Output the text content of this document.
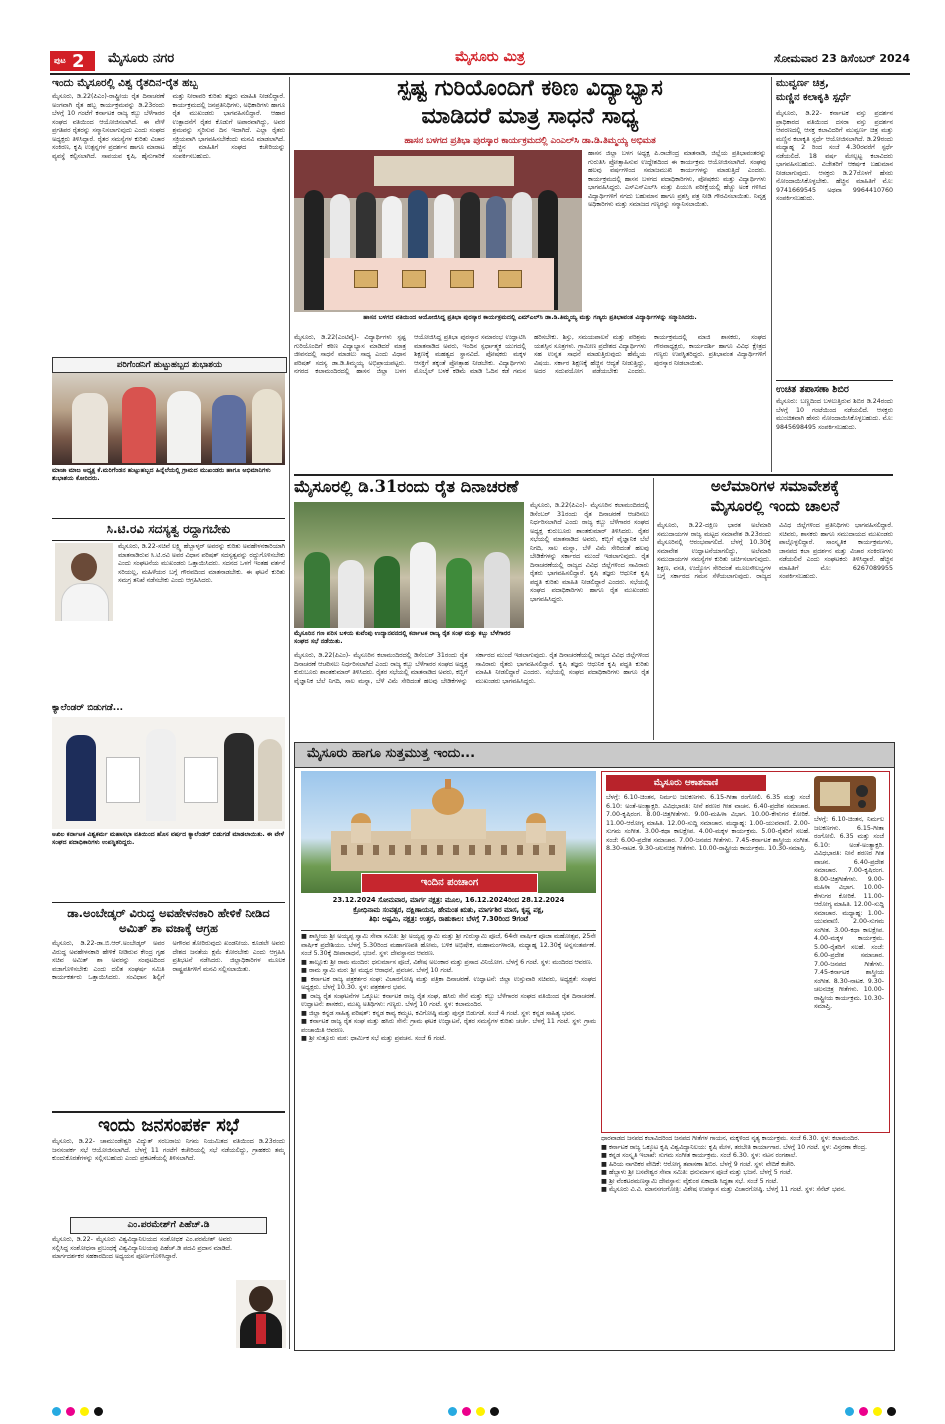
ಪುಟ 2 ಮೈಸೂರು ನಗರ	ಮೈಸೂರು ಮಿತ್ರ	ಸೋಮವಾರ 23 ಡಿಸೆಂಬರ್ 2024
ಇಂದು ಮೈಸೂರಲ್ಲಿ ವಿಶ್ವ ರೈತದಿನ-ರೈತ ಹಬ್ಬ
ಮೈಸೂರು, ಡಿ.22(ಪಿಎಂ)-ರಾಷ್ಟ್ರೀಯ ರೈತ ದಿನಾಚರಣೆ ಅಂಗವಾಗಿ ರೈತ ಹಬ್ಬ ಕಾರ್ಯಕ್ರಮವನ್ನು ಡಿ.23ರಂದು ಬೆಳಗ್ಗೆ 10 ಗಂಟೆಗೆ ಕರ್ನಾಟಕ ರಾಜ್ಯ ಕಬ್ಬು ಬೆಳೆಗಾರರ ಸಂಘದ ವತಿಯಿಂದ ಆಯೋಜಿಸಲಾಗಿದೆ. ಈ ವೇಳೆ ಪ್ರಗತಿಪರ ರೈತರನ್ನು ಸನ್ಮಾನಿಸಲಾಗುವುದು ಎಂದು ಸಂಘದ ಅಧ್ಯಕ್ಷರು ತಿಳಿಸಿದ್ದಾರೆ. ರೈತರ ಸಮಸ್ಯೆಗಳ ಕುರಿತು ವಿಚಾರ ಸಂಕಿರಣ, ಕೃಷಿ ಉತ್ಪನ್ನಗಳ ಪ್ರದರ್ಶನ ಹಾಗೂ ಮಾರಾಟ ವ್ಯವಸ್ಥೆ ಕಲ್ಪಿಸಲಾಗಿದೆ. ಸಾವಯವ ಕೃಷಿ, ಹೈನುಗಾರಿಕೆ ಮತ್ತು ನೀರಾವರಿ ಕುರಿತು ತಜ್ಞರು ಮಾಹಿತಿ ನೀಡಲಿದ್ದಾರೆ. ಕಾರ್ಯಕ್ರಮದಲ್ಲಿ ಜನಪ್ರತಿನಿಧಿಗಳು, ಅಧಿಕಾರಿಗಳು ಹಾಗೂ ರೈತ ಮುಖಂಡರು ಭಾಗವಹಿಸಲಿದ್ದಾರೆ. ಆಹಾರ ಉತ್ಪಾದನೆಗೆ ರೈತರ ಕೊಡುಗೆ ಅಪಾರವಾಗಿದ್ದು, ಅವರ ಶ್ರಮವನ್ನು ಸ್ಮರಿಸುವ ದಿನ ಇದಾಗಿದೆ. ಎಲ್ಲಾ ರೈತರು ಸಕ್ರಿಯವಾಗಿ ಭಾಗವಹಿಸಬೇಕೆಂದು ಮನವಿ ಮಾಡಲಾಗಿದೆ. ಹೆಚ್ಚಿನ ಮಾಹಿತಿಗೆ ಸಂಘದ ಕಚೇರಿಯನ್ನು ಸಂಪರ್ಕಿಸಬಹುದು.
ಪರಿಗೆಂಡನಿಗೆ ಹುಟ್ಟುಹಬ್ಬದ ಶುಭಾಶಯ
ಮಾಜಾ ಮಾಜ ಅಧ್ಯಕ್ಷ ಕೆ.ಮರಿಗೆಂಡನ ಹುಟ್ಟುಹಬ್ಬದ ಹಿನ್ನೆಲೆಯಲ್ಲಿ ಗ್ರಾಮದ ಮುಖಂಡರು ಹಾಗೂ ಅಭಿಮಾನಿಗಳು ಶುಭಾಶಯ ಕೋರಿದರು.
ಸಿ.ಟಿ.ರವಿ ಸದಸ್ಯತ್ವ ರದ್ದಾಗಬೇಕು
ಮೈಸೂರು, ಡಿ.22-ಸಚಿವೆ ಲಕ್ಷ್ಮಿ ಹೆಬ್ಬಾಳ್ಕರ್ ಅವರನ್ನು ಕುರಿತು ಅವಹೇಳನಕಾರಿಯಾಗಿ ಮಾತನಾಡಿರುವ ಸಿ.ಟಿ.ರವಿ ಅವರ ವಿಧಾನ ಪರಿಷತ್ ಸದಸ್ಯತ್ವವನ್ನು ರದ್ದುಗೊಳಿಸಬೇಕು ಎಂದು ಸಂಘಟನೆಯ ಮುಖಂಡರು ಒತ್ತಾಯಿಸಿದರು. ಸದನದ ಒಳಗೆ ಇಂತಹ ವರ್ತನೆ ಸರಿಯಲ್ಲ, ಮಹಿಳೆಯರ ಬಗ್ಗೆ ಗೌರವದಿಂದ ಮಾತನಾಡಬೇಕು. ಈ ಘಟನೆ ಕುರಿತು ಸಮಗ್ರ ತನಿಖೆ ನಡೆಸಬೇಕು ಎಂದು ಆಗ್ರಹಿಸಿದರು.
ಕ್ಯಾಲೆಂಡರ್ ಬಿಡುಗಡೆ...
ಅಖಿಲ ಕರ್ನಾಟಕ ವಿಶ್ವಕರ್ಮ ಮಹಾಸಭಾ ವತಿಯಿಂದ ಹೊಸ ವರ್ಷದ ಕ್ಯಾಲೆಂಡರ್ ಬಿಡುಗಡೆ ಮಾಡಲಾಯಿತು. ಈ ವೇಳೆ ಸಂಘದ ಪದಾಧಿಕಾರಿಗಳು ಉಪಸ್ಥಿತರಿದ್ದರು.
ಡಾ.ಅಂಬೇಡ್ಕರ್ ವಿರುದ್ಧ ಅವಹೇಳನಕಾರಿ ಹೇಳಿಕೆ ನೀಡಿದ ಅಮಿತ್ ಶಾ ವಜಾಕ್ಕೆ ಆಗ್ರಹ
ಮೈಸೂರು, ಡಿ.22-ಡಾ.ಬಿ.ಆರ್.ಅಂಬೇಡ್ಕರ್ ಅವರ ವಿರುದ್ಧ ಅವಹೇಳನಕಾರಿ ಹೇಳಿಕೆ ನೀಡಿರುವ ಕೇಂದ್ರ ಗೃಹ ಸಚಿವ ಅಮಿತ್ ಶಾ ಅವರನ್ನು ಸಂಪುಟದಿಂದ ವಜಾಗೊಳಿಸಬೇಕು ಎಂದು ದಲಿತ ಸಂಘರ್ಷ ಸಮಿತಿ ಕಾರ್ಯಕರ್ತರು ಒತ್ತಾಯಿಸಿದರು. ಸಂವಿಧಾನ ಶಿಲ್ಪಿಗೆ ಅಗೌರವ ತೋರಿರುವುದು ಖಂಡನೀಯ. ಕೂಡಲೇ ಅವರು ದೇಶದ ಜನತೆಯ ಕ್ಷಮೆ ಕೋರಬೇಕು ಎಂದು ಆಗ್ರಹಿಸಿ ಪ್ರತಿಭಟನೆ ನಡೆಸಿದರು. ಜಿಲ್ಲಾಧಿಕಾರಿಗಳ ಮೂಲಕ ರಾಷ್ಟ್ರಪತಿಗಳಿಗೆ ಮನವಿ ಸಲ್ಲಿಸಲಾಯಿತು.
ಇಂದು ಜನಸಂಪರ್ಕ ಸಭೆ
ಮೈಸೂರು, ಡಿ.22- ಚಾಮುಂಡೇಶ್ವರಿ ವಿದ್ಯುತ್ ಸರಬರಾಜು ನಿಗಮ ನಿಯಮಿತದ ವತಿಯಿಂದ ಡಿ.23ರಂದು ಜನಸಂಪರ್ಕ ಸಭೆ ಆಯೋಜಿಸಲಾಗಿದೆ. ಬೆಳಗ್ಗೆ 11 ಗಂಟೆಗೆ ಕಚೇರಿಯಲ್ಲಿ ಸಭೆ ನಡೆಯಲಿದ್ದು, ಗ್ರಾಹಕರು ತಮ್ಮ ಕುಂದುಕೊರತೆಗಳನ್ನು ಸಲ್ಲಿಸಬಹುದು ಎಂದು ಪ್ರಕಟಣೆಯಲ್ಲಿ ತಿಳಿಸಲಾಗಿದೆ.
ಎಂ.ಪರಮೇಶ್‌ಗೆ ಪಿಹೆಚ್.ಡಿ
ಮೈಸೂರು, ಡಿ.22- ಮೈಸೂರು ವಿಶ್ವವಿದ್ಯಾನಿಲಯದ ಸಂಶೋಧಕ ಎಂ.ಪರಮೇಶ್ ಅವರು ಸಲ್ಲಿಸಿದ್ದ ಸಂಶೋಧನಾ ಪ್ರಬಂಧಕ್ಕೆ ವಿಶ್ವವಿದ್ಯಾನಿಲಯವು ಪಿಹೆಚ್.ಡಿ ಪದವಿ ಪ್ರದಾನ ಮಾಡಿದೆ. ಮಾರ್ಗದರ್ಶಕರ ಸಹಕಾರದಿಂದ ಅಧ್ಯಯನ ಪೂರ್ಣಗೊಳಿಸಿದ್ದಾರೆ.
ಸ್ಪಷ್ಟ ಗುರಿಯೊಂದಿಗೆ ಕಠಿಣ ವಿದ್ಯಾಭ್ಯಾಸ
ಮಾಡಿದರೆ ಮಾತ್ರ ಸಾಧನೆ ಸಾಧ್ಯ
ಹಾಸನ ಬಳಗದ ಪ್ರತಿಭಾ ಪುರಸ್ಕಾರ ಕಾರ್ಯಕ್ರಮದಲ್ಲಿ ಎಂಎಲ್‌ಸಿ ಡಾ.ಡಿ.ತಿಮ್ಮಯ್ಯ ಅಭಿಮತ
ಹಾಸನ ಜಿಲ್ಲಾ ಬಳಗ ಅಧ್ಯಕ್ಷ ಪಿ.ರಾಜೇಂದ್ರ ಮಾತನಾಡಿ, ಜಿಲ್ಲೆಯ ಪ್ರತಿಭಾವಂತರನ್ನು ಗುರುತಿಸಿ ಪ್ರೋತ್ಸಾಹಿಸುವ ಉದ್ದೇಶದಿಂದ ಈ ಕಾರ್ಯಕ್ರಮ ಆಯೋಜಿಸಲಾಗಿದೆ. ಸಂಘವು ಹಲವು ವರ್ಷಗಳಿಂದ ಸಮಾಜಮುಖಿ ಕಾರ್ಯಗಳನ್ನು ಮಾಡುತ್ತಿದೆ ಎಂದರು. ಕಾರ್ಯಕ್ರಮದಲ್ಲಿ ಹಾಸನ ಬಳಗದ ಪದಾಧಿಕಾರಿಗಳು, ಪೋಷಕರು ಮತ್ತು ವಿದ್ಯಾರ್ಥಿಗಳು ಭಾಗವಹಿಸಿದ್ದರು. ಎಸ್‌ಎಸ್‌ಎಲ್‌ಸಿ ಮತ್ತು ಪಿಯುಸಿ ಪರೀಕ್ಷೆಯಲ್ಲಿ ಹೆಚ್ಚು ಅಂಕ ಗಳಿಸಿದ ವಿದ್ಯಾರ್ಥಿಗಳಿಗೆ ನಗದು ಬಹುಮಾನ ಹಾಗೂ ಪ್ರಶಸ್ತಿ ಪತ್ರ ನೀಡಿ ಗೌರವಿಸಲಾಯಿತು. ನಿವೃತ್ತ ಅಧಿಕಾರಿಗಳು ಮತ್ತು ಸಮಾಜದ ಗಣ್ಯರನ್ನು ಸನ್ಮಾನಿಸಲಾಯಿತು.
ಹಾಸನ ಬಳಗದ ವತಿಯಿಂದ ಆಯೋಜಿಸಿದ್ದ ಪ್ರತಿಭಾ ಪುರಸ್ಕಾರ ಕಾರ್ಯಕ್ರಮದಲ್ಲಿ ಎಮ್‌ಎಲ್‌ಸಿ ಡಾ.ಡಿ.ತಿಮ್ಮಯ್ಯ ಮತ್ತು ಗಣ್ಯರು ಪ್ರತಿಭಾವಂತ ವಿದ್ಯಾರ್ಥಿಗಳನ್ನು ಸನ್ಮಾನಿಸಿದರು.
ಮೈಸೂರು, ಡಿ.22(ಎಂಟಿವೈ)- ವಿದ್ಯಾರ್ಥಿಗಳು ಸ್ಪಷ್ಟ ಗುರಿಯೊಂದಿಗೆ ಕಠಿಣ ವಿದ್ಯಾಭ್ಯಾಸ ಮಾಡಿದರೆ ಮಾತ್ರ ಜೀವನದಲ್ಲಿ ಸಾಧನೆ ಮಾಡಲು ಸಾಧ್ಯ ಎಂದು ವಿಧಾನ ಪರಿಷತ್ ಸದಸ್ಯ ಡಾ.ಡಿ.ತಿಮ್ಮಯ್ಯ ಅಭಿಪ್ರಾಯಪಟ್ಟರು. ನಗರದ ಕಲಾಮಂದಿರದಲ್ಲಿ ಹಾಸನ ಜಿಲ್ಲಾ ಬಳಗ ಆಯೋಜಿಸಿದ್ದ ಪ್ರತಿಭಾ ಪುರಸ್ಕಾರ ಸಮಾರಂಭ ಉದ್ಘಾಟಿಸಿ ಮಾತನಾಡಿದ ಅವರು, ಇಂದಿನ ಸ್ಪರ್ಧಾತ್ಮಕ ಯುಗದಲ್ಲಿ ಶಿಕ್ಷಣಕ್ಕೆ ಮಹತ್ವದ ಸ್ಥಾನವಿದೆ. ಪೋಷಕರು ಮಕ್ಕಳ ಆಸಕ್ತಿಗೆ ತಕ್ಕಂತೆ ಪ್ರೋತ್ಸಾಹ ನೀಡಬೇಕು. ವಿದ್ಯಾರ್ಥಿಗಳು ಮೊಬೈಲ್ ಬಳಕೆ ಕಡಿಮೆ ಮಾಡಿ ಓದಿನ ಕಡೆ ಗಮನ ಹರಿಸಬೇಕು. ಶಿಸ್ತು, ಸಮಯಪಾಲನೆ ಮತ್ತು ಪರಿಶ್ರಮ ಯಶಸ್ಸಿನ ಸೂತ್ರಗಳು. ಗ್ರಾಮೀಣ ಪ್ರದೇಶದ ವಿದ್ಯಾರ್ಥಿಗಳು ಸಹ ಉನ್ನತ ಸಾಧನೆ ಮಾಡುತ್ತಿರುವುದು ಹೆಮ್ಮೆಯ ವಿಷಯ. ಸರ್ಕಾರ ಶಿಕ್ಷಣಕ್ಕೆ ಹೆಚ್ಚಿನ ಆದ್ಯತೆ ನೀಡುತ್ತಿದ್ದು, ಅದರ ಸದುಪಯೋಗ ಪಡೆಯಬೇಕು ಎಂದರು. ಕಾರ್ಯಕ್ರಮದಲ್ಲಿ ಮಾಜಿ ಶಾಸಕರು, ಸಂಘದ ಗೌರವಾಧ್ಯಕ್ಷರು, ಕಾರ್ಯದರ್ಶಿ ಹಾಗೂ ವಿವಿಧ ಕ್ಷೇತ್ರದ ಗಣ್ಯರು ಉಪಸ್ಥಿತರಿದ್ದರು. ಪ್ರತಿಭಾವಂತ ವಿದ್ಯಾರ್ಥಿಗಳಿಗೆ ಪುರಸ್ಕಾರ ನೀಡಲಾಯಿತು.
ಮುವ್ವರ್ಣ ಚಿತ್ರ,
ಮಣ್ಣಿನ ಕಲಾಕೃತಿ ಸ್ಪರ್ಧೆ
ಮೈಸೂರು, ಡಿ.22- ಕರ್ನಾಟಕ ವಸ್ತು ಪ್ರದರ್ಶನ ಪ್ರಾಧಿಕಾರದ ವತಿಯಿಂದ ದಸರಾ ವಸ್ತು ಪ್ರದರ್ಶನ ಆವರಣದಲ್ಲಿ ಆಸಕ್ತ ಕಲಾವಿದರಿಗೆ ಮುವ್ವರ್ಣ ಚಿತ್ರ ಮತ್ತು ಮಣ್ಣಿನ ಕಲಾಕೃತಿ ಸ್ಪರ್ಧೆ ಆಯೋಜಿಸಲಾಗಿದೆ. ಡಿ.29ರಂದು ಮಧ್ಯಾಹ್ನ 2 ರಿಂದ ಸಂಜೆ 4.30ರವರೆಗೆ ಸ್ಪರ್ಧೆ ನಡೆಯಲಿದೆ. 18 ವರ್ಷ ಮೇಲ್ಪಟ್ಟ ಕಲಾವಿದರು ಭಾಗವಹಿಸಬಹುದು. ವಿಜೇತರಿಗೆ ಆಕರ್ಷಕ ಬಹುಮಾನ ನೀಡಲಾಗುವುದು. ಆಸಕ್ತರು ಡಿ.27ರೊಳಗೆ ಹೆಸರು ನೋಂದಾಯಿಸಿಕೊಳ್ಳಬೇಕು. ಹೆಚ್ಚಿನ ಮಾಹಿತಿಗೆ ಮೊ: 9741669545 ಅಥವಾ 9964410760 ಸಂಪರ್ಕಿಸಬಹುದು.
ಉಚಿತ ತಪಾಸಣಾ ಶಿಬಿರ
ಮೈಸೂರು: ಬಣ್ಣದಿಂದ ಬಳಲುತ್ತಿರುವ ಶಿಬಿರ ಡಿ.24ರಂದು ಬೆಳಗ್ಗೆ 10 ಗಂಟೆಯಿಂದ ನಡೆಯಲಿದೆ. ಆಸಕ್ತರು ಮುಂಚಿತವಾಗಿ ಹೆಸರು ನೋಂದಾಯಿಸಿಕೊಳ್ಳಬಹುದು. ಮೊ: 9845698495 ಸಂಪರ್ಕಿಸಬಹುದು.
ಮೈಸೂರಲ್ಲಿ ಡಿ.31ರಂದು ರೈತ ದಿನಾಚರಣೆ
ಮೈಸೂರಿನ ಗಣ ಪರಿಸ ಬಳಿಯ ಕುವೆಂಪು ಉದ್ಯಾನವನದಲ್ಲಿ ಕರ್ನಾಟಕ ರಾಜ್ಯ ರೈತ ಸಂಘ ಮತ್ತು ಕಬ್ಬು ಬೆಳೆಗಾರರ ಸಂಘದ ಸಭೆ ನಡೆಯಿತು.
ಮೈಸೂರು, ಡಿ.22(ಪಿಎಂ)- ಮೈಸೂರಿನ ಕಲಾಮಂದಿರದಲ್ಲಿ ಡಿಸೆಂಬರ್ 31ರಂದು ರೈತ ದಿನಾಚರಣೆ ಆಚರಿಸಲು ನಿರ್ಧರಿಸಲಾಗಿದೆ ಎಂದು ರಾಜ್ಯ ಕಬ್ಬು ಬೆಳೆಗಾರರ ಸಂಘದ ಅಧ್ಯಕ್ಷ ಕುರುಬೂರು ಶಾಂತಕುಮಾರ್ ತಿಳಿಸಿದರು. ರೈತರ ಸಭೆಯಲ್ಲಿ ಮಾತನಾಡಿದ ಅವರು, ಕಬ್ಬಿಗೆ ವೈಜ್ಞಾನಿಕ ಬೆಲೆ ನಿಗದಿ, ಸಾಲ ಮನ್ನಾ, ಬೆಳೆ ವಿಮೆ ಸೇರಿದಂತೆ ಹಲವು ಬೇಡಿಕೆಗಳನ್ನು ಸರ್ಕಾರದ ಮುಂದೆ ಇಡಲಾಗುವುದು. ರೈತ ದಿನಾಚರಣೆಯಲ್ಲಿ ರಾಜ್ಯದ ವಿವಿಧ ಜಿಲ್ಲೆಗಳಿಂದ ಸಾವಿರಾರು ರೈತರು ಭಾಗವಹಿಸಲಿದ್ದಾರೆ. ಕೃಷಿ ತಜ್ಞರು ಆಧುನಿಕ ಕೃಷಿ ಪದ್ಧತಿ ಕುರಿತು ಮಾಹಿತಿ ನೀಡಲಿದ್ದಾರೆ ಎಂದರು. ಸಭೆಯಲ್ಲಿ ಸಂಘದ ಪದಾಧಿಕಾರಿಗಳು ಹಾಗೂ ರೈತ ಮುಖಂಡರು ಭಾಗವಹಿಸಿದ್ದರು.
ಮೈಸೂರು, ಡಿ.22(ಪಿಎಂ)- ಮೈಸೂರಿನ ಕಲಾಮಂದಿರದಲ್ಲಿ ಡಿಸೆಂಬರ್ 31ರಂದು ರೈತ ದಿನಾಚರಣೆ ಆಚರಿಸಲು ನಿರ್ಧರಿಸಲಾಗಿದೆ ಎಂದು ರಾಜ್ಯ ಕಬ್ಬು ಬೆಳೆಗಾರರ ಸಂಘದ ಅಧ್ಯಕ್ಷ ಕುರುಬೂರು ಶಾಂತಕುಮಾರ್ ತಿಳಿಸಿದರು. ರೈತರ ಸಭೆಯಲ್ಲಿ ಮಾತನಾಡಿದ ಅವರು, ಕಬ್ಬಿಗೆ ವೈಜ್ಞಾನಿಕ ಬೆಲೆ ನಿಗದಿ, ಸಾಲ ಮನ್ನಾ, ಬೆಳೆ ವಿಮೆ ಸೇರಿದಂತೆ ಹಲವು ಬೇಡಿಕೆಗಳನ್ನು ಸರ್ಕಾರದ ಮುಂದೆ ಇಡಲಾಗುವುದು. ರೈತ ದಿನಾಚರಣೆಯಲ್ಲಿ ರಾಜ್ಯದ ವಿವಿಧ ಜಿಲ್ಲೆಗಳಿಂದ ಸಾವಿರಾರು ರೈತರು ಭಾಗವಹಿಸಲಿದ್ದಾರೆ. ಕೃಷಿ ತಜ್ಞರು ಆಧುನಿಕ ಕೃಷಿ ಪದ್ಧತಿ ಕುರಿತು ಮಾಹಿತಿ ನೀಡಲಿದ್ದಾರೆ ಎಂದರು. ಸಭೆಯಲ್ಲಿ ಸಂಘದ ಪದಾಧಿಕಾರಿಗಳು ಹಾಗೂ ರೈತ ಮುಖಂಡರು ಭಾಗವಹಿಸಿದ್ದರು.
ಅಲೆಮಾರಿಗಳ ಸಮಾವೇಶಕ್ಕೆ
ಮೈಸೂರಲ್ಲಿ ಇಂದು ಚಾಲನೆ
ಮೈಸೂರು, ಡಿ.22-ದಕ್ಷಿಣ ಭಾರತ ಅಲೆಮಾರಿ ಸಮುದಾಯಗಳ ರಾಜ್ಯ ಮಟ್ಟದ ಸಮಾವೇಶ ಡಿ.23ರಂದು ಮೈಸೂರಿನಲ್ಲಿ ಆರಂಭವಾಗಲಿದೆ. ಬೆಳಗ್ಗೆ 10.30ಕ್ಕೆ ಸಮಾವೇಶ ಉದ್ಘಾಟನೆಯಾಗಲಿದ್ದು, ಅಲೆಮಾರಿ ಸಮುದಾಯಗಳ ಸಮಸ್ಯೆಗಳ ಕುರಿತು ಚರ್ಚಿಸಲಾಗುವುದು. ಶಿಕ್ಷಣ, ವಸತಿ, ಉದ್ಯೋಗ ಸೇರಿದಂತೆ ಮೂಲಸೌಲಭ್ಯಗಳ ಬಗ್ಗೆ ಸರ್ಕಾರದ ಗಮನ ಸೆಳೆಯಲಾಗುವುದು. ರಾಜ್ಯದ ವಿವಿಧ ಜಿಲ್ಲೆಗಳಿಂದ ಪ್ರತಿನಿಧಿಗಳು ಭಾಗವಹಿಸಲಿದ್ದಾರೆ. ಸಚಿವರು, ಶಾಸಕರು ಹಾಗೂ ಸಮುದಾಯದ ಮುಖಂಡರು ಪಾಲ್ಗೊಳ್ಳಲಿದ್ದಾರೆ. ಸಾಂಸ್ಕೃತಿಕ ಕಾರ್ಯಕ್ರಮಗಳು, ಜಾನಪದ ಕಲಾ ಪ್ರದರ್ಶನ ಮತ್ತು ವಿಚಾರ ಸಂಕಿರಣಗಳು ನಡೆಯಲಿವೆ ಎಂದು ಸಂಘಟಕರು ತಿಳಿಸಿದ್ದಾರೆ. ಹೆಚ್ಚಿನ ಮಾಹಿತಿಗೆ ಮೊ: 6267089955 ಸಂಪರ್ಕಿಸಬಹುದು.
ಮೈಸೂರು ಹಾಗೂ ಸುತ್ತಮುತ್ತ ಇಂದು...
ಇಂದಿನ ಪಂಚಾಂಗ
23.12.2024 ಸೋಮವಾರ, ಮಾರ್ಗ ನಕ್ಷತ್ರ: ಮೂಲ, 16.12.2024ರಿಂದ 28.12.2024
ಕ್ರೋಧಿನಾಮ ಸಂವತ್ಸರ, ದಕ್ಷಿಣಾಯನ, ಹೇಮಂತ ಋತು, ಮಾರ್ಗಶಿರ ಮಾಸ, ಕೃಷ್ಣ ಪಕ್ಷ,
ತಿಥಿ: ಅಷ್ಟಮಿ, ನಕ್ಷತ್ರ: ಉತ್ತರ, ರಾಹುಕಾಲ: ಬೆಳಗ್ಗೆ 7.30ರಿಂದ 9ಗಂಟೆ
■ ಶಾಸ್ತ್ರೀಯ ಶ್ರೀ ಅಯ್ಯಪ್ಪ ಸ್ವಾಮಿ ಸೇವಾ ಸಮಿತಿ: ಶ್ರೀ ಅಯ್ಯಪ್ಪ ಸ್ವಾಮಿ ಮತ್ತು ಶ್ರೀ ಗುರುಸ್ವಾಮಿ ಪೂಜೆ, 64ನೇ ವಾರ್ಷಿಕ ಪೂಜಾ ಮಹೋತ್ಸವ, 25ನೇ ವಾರ್ಷಿಕ ಪ್ರದೇಶಿಯಂ. ಬೆಳಗ್ಗೆ 5.30ರಿಂದ ಮಹಾಗಣಪತಿ ಹೋಮ, ಬಳಿಕ ಅಭಿಷೇಕ, ಮಹಾಮಂಗಳಾರತಿ, ಮಧ್ಯಾಹ್ನ 12.30ಕ್ಕೆ ಅನ್ನಸಂತರ್ಪಣೆ. ಸಂಜೆ 5.30ಕ್ಕೆ ದೀಪಾರಾಧನೆ, ಭಜನೆ. ಸ್ಥಳ: ದೇವಸ್ಥಾನದ ಆವರಣ.
■ ತಾಲ್ಲೂಕು ಶ್ರೀ ರಾಮ ಮಂದಿರ: ಧನುರ್ಮಾಸ ಪೂಜೆ, ವಿಶೇಷ ಅಲಂಕಾರ ಮತ್ತು ಪ್ರಸಾದ ವಿನಿಯೋಗ. ಬೆಳಗ್ಗೆ 6 ಗಂಟೆ. ಸ್ಥಳ: ಮಂದಿರದ ಆವರಣ.
■ ರಾಮ ಸ್ವಾಮಿ ಮಠ: ಶ್ರೀ ಮಧ್ವರ ಆರಾಧನೆ, ಪ್ರವಚನ. ಬೆಳಗ್ಗೆ 10 ಗಂಟೆ.
■ ಕರ್ನಾಟಕ ರಾಜ್ಯ ಪತ್ರಕರ್ತರ ಸಂಘ: ವಿಚಾರಗೋಷ್ಠಿ ಮತ್ತು ಪತ್ರಿಕಾ ದಿನಾಚರಣೆ. ಉದ್ಘಾಟನೆ: ಜಿಲ್ಲಾ ಉಸ್ತುವಾರಿ ಸಚಿವರು, ಅಧ್ಯಕ್ಷತೆ: ಸಂಘದ ಅಧ್ಯಕ್ಷರು. ಬೆಳಗ್ಗೆ 10.30. ಸ್ಥಳ: ಪತ್ರಕರ್ತರ ಭವನ.
■ ರಾಜ್ಯ ರೈತ ಸಂಘಟನೆಗಳ ಒಕ್ಕೂಟ: ಕರ್ನಾಟಕ ರಾಜ್ಯ ರೈತ ಸಂಘ, ಹಸಿರು ಸೇನೆ ಮತ್ತು ಕಬ್ಬು ಬೆಳೆಗಾರರ ಸಂಘದ ವತಿಯಿಂದ ರೈತ ದಿನಾಚರಣೆ. ಉದ್ಘಾಟನೆ: ಶಾಸಕರು, ಮುಖ್ಯ ಅತಿಥಿಗಳು: ಗಣ್ಯರು. ಬೆಳಗ್ಗೆ 10 ಗಂಟೆ. ಸ್ಥಳ: ಕಲಾಮಂದಿರ.
■ ಜಿಲ್ಲಾ ಕನ್ನಡ ಸಾಹಿತ್ಯ ಪರಿಷತ್: ಕನ್ನಡ ಕಾವ್ಯ ಕಮ್ಮಟ, ಕವಿಗೋಷ್ಠಿ ಮತ್ತು ಪುಸ್ತಕ ಬಿಡುಗಡೆ. ಸಂಜೆ 4 ಗಂಟೆ. ಸ್ಥಳ: ಕನ್ನಡ ಸಾಹಿತ್ಯ ಭವನ.
■ ಕರ್ನಾಟಕ ರಾಜ್ಯ ರೈತ ಸಂಘ ಮತ್ತು ಹಸಿರು ಸೇನೆ: ಗ್ರಾಮ ಘಟಕ ಉದ್ಘಾಟನೆ, ರೈತರ ಸಮಸ್ಯೆಗಳ ಕುರಿತು ಚರ್ಚೆ. ಬೆಳಗ್ಗೆ 11 ಗಂಟೆ. ಸ್ಥಳ: ಗ್ರಾಮ ಪಂಚಾಯಿತಿ ಆವರಣ.
■ ಶ್ರೀ ಸುತ್ತೂರು ಮಠ: ಧಾರ್ಮಿಕ ಸಭೆ ಮತ್ತು ಪ್ರವಚನ. ಸಂಜೆ 6 ಗಂಟೆ.
ಮೈಸೂರು ಆಕಾಶವಾಣಿ
ಬೆಳಗ್ಗೆ: 6.10-ಚಿಂತನ, ನಿರ್ಮಲ ಜಲಕಣಗಳು. 6.15-ಗೀತಾ ರಂಗೋಲಿ. 6.35 ಮತ್ತು ಸಂಜೆ 6.10: ಅಂತೆ-ಅಂತ್ಯಾಕ್ಷರಿ. ವಿವಿಧಭಾರತಿ: ನೀನೆ ಶರಣರ ಗೀತ ವಾಚನ. 6.40-ಪ್ರದೇಶ ಸಮಾಚಾರ. 7.00-ಕೃಷಿರಂಗ. 8.00-ಚಿತ್ರಗೀತೆಗಳು. 9.00-ಮಹಿಳಾ ವಿಭಾಗ. 10.00-ಕೇಳುಗರ ಕೋರಿಕೆ. 11.00-ಆರೋಗ್ಯ ಮಾಹಿತಿ. 12.00-ಸುದ್ದಿ ಸಮಾಚಾರ. ಮಧ್ಯಾಹ್ನ: 1.00-ಯುವವಾಣಿ. 2.00-ಸುಗಮ ಸಂಗೀತ. 3.00-ಕಥಾ ಕಾಲಕ್ಷೇಪ. 4.00-ಮಕ್ಕಳ ಕಾರ್ಯಕ್ರಮ. 5.00-ರೈತರಿಗೆ ಸಲಹೆ. ಸಂಜೆ: 6.00-ಪ್ರದೇಶ ಸಮಾಚಾರ. 7.00-ಜನಪದ ಗೀತೆಗಳು. 7.45-ಕರ್ನಾಟಕ ಶಾಸ್ತ್ರೀಯ ಸಂಗೀತ. 8.30-ನಾಟಕ. 9.30-ಚಲನಚಿತ್ರ ಗೀತೆಗಳು. 10.00-ರಾಷ್ಟ್ರೀಯ ಕಾರ್ಯಕ್ರಮ. 10.30-ಸಮಾಪ್ತಿ.
ಬೆಳಗ್ಗೆ: 6.10-ಚಿಂತನ, ನಿರ್ಮಲ ಜಲಕಣಗಳು. 6.15-ಗೀತಾ ರಂಗೋಲಿ. 6.35 ಮತ್ತು ಸಂಜೆ 6.10: ಅಂತೆ-ಅಂತ್ಯಾಕ್ಷರಿ. ವಿವಿಧಭಾರತಿ: ನೀನೆ ಶರಣರ ಗೀತ ವಾಚನ. 6.40-ಪ್ರದೇಶ ಸಮಾಚಾರ. 7.00-ಕೃಷಿರಂಗ. 8.00-ಚಿತ್ರಗೀತೆಗಳು. 9.00-ಮಹಿಳಾ ವಿಭಾಗ. 10.00-ಕೇಳುಗರ ಕೋರಿಕೆ. 11.00-ಆರೋಗ್ಯ ಮಾಹಿತಿ. 12.00-ಸುದ್ದಿ ಸಮಾಚಾರ. ಮಧ್ಯಾಹ್ನ: 1.00-ಯುವವಾಣಿ. 2.00-ಸುಗಮ ಸಂಗೀತ. 3.00-ಕಥಾ ಕಾಲಕ್ಷೇಪ. 4.00-ಮಕ್ಕಳ ಕಾರ್ಯಕ್ರಮ. 5.00-ರೈತರಿಗೆ ಸಲಹೆ. ಸಂಜೆ: 6.00-ಪ್ರದೇಶ ಸಮಾಚಾರ. 7.00-ಜನಪದ ಗೀತೆಗಳು. 7.45-ಕರ್ನಾಟಕ ಶಾಸ್ತ್ರೀಯ ಸಂಗೀತ. 8.30-ನಾಟಕ. 9.30-ಚಲನಚಿತ್ರ ಗೀತೆಗಳು. 10.00-ರಾಷ್ಟ್ರೀಯ ಕಾರ್ಯಕ್ರಮ. 10.30-ಸಮಾಪ್ತಿ.
ಧಾರವಾಡದ ಜನಪದ ಕಲಾವಿದರಿಂದ ಜನಪದ ಗೀತೆಗಳ ಗಾಯನ, ಮಕ್ಕಳಿಂದ ನೃತ್ಯ ಕಾರ್ಯಕ್ರಮ. ಸಂಜೆ 6.30. ಸ್ಥಳ: ಕಲಾಮಂದಿರ.
■ ಕರ್ನಾಟಕ ರಾಜ್ಯ ಒಕ್ಕೂಟ ಕೃಷಿ ವಿಶ್ವವಿದ್ಯಾನಿಲಯ: ಕೃಷಿ ಮೇಳ, ತರಬೇತಿ ಕಾರ್ಯಾಗಾರ. ಬೆಳಗ್ಗೆ 10 ಗಂಟೆ. ಸ್ಥಳ: ವಿಸ್ತರಣಾ ಕೇಂದ್ರ.
■ ಕನ್ನಡ ಸಂಸ್ಕೃತಿ ಇಲಾಖೆ: ಸುಗಮ ಸಂಗೀತ ಕಾರ್ಯಕ್ರಮ. ಸಂಜೆ 6.30. ಸ್ಥಳ: ನಟನ ರಂಗಶಾಲೆ.
■ ಹಿರಿಯ ನಾಗರಿಕರ ವೇದಿಕೆ: ಆರೋಗ್ಯ ತಪಾಸಣಾ ಶಿಬಿರ. ಬೆಳಗ್ಗೆ 9 ಗಂಟೆ. ಸ್ಥಳ: ವೇದಿಕೆ ಕಚೇರಿ.
■ ಹೆಬ್ಬಾಳು ಶ್ರೀ ಬಸವೇಶ್ವರ ಸೇವಾ ಸಮಿತಿ: ಧನುರ್ಮಾಸ ಪೂಜೆ ಮತ್ತು ಭಜನೆ. ಬೆಳಗ್ಗೆ 5 ಗಂಟೆ.
■ ಶ್ರೀ ವೆಂಕಟರಮಣಸ್ವಾಮಿ ದೇವಸ್ಥಾನ: ವೈಕುಂಠ ಏಕಾದಶಿ ಸಿದ್ಧತಾ ಸಭೆ. ಸಂಜೆ 5 ಗಂಟೆ.
■ ಮೈಸೂರು ವಿ.ವಿ. ಮಾನಸಗಂಗೋತ್ರಿ: ವಿಶೇಷ ಉಪನ್ಯಾಸ ಮತ್ತು ವಿಚಾರಗೋಷ್ಠಿ. ಬೆಳಗ್ಗೆ 11 ಗಂಟೆ. ಸ್ಥಳ: ಸೆನೆಟ್ ಭವನ.
